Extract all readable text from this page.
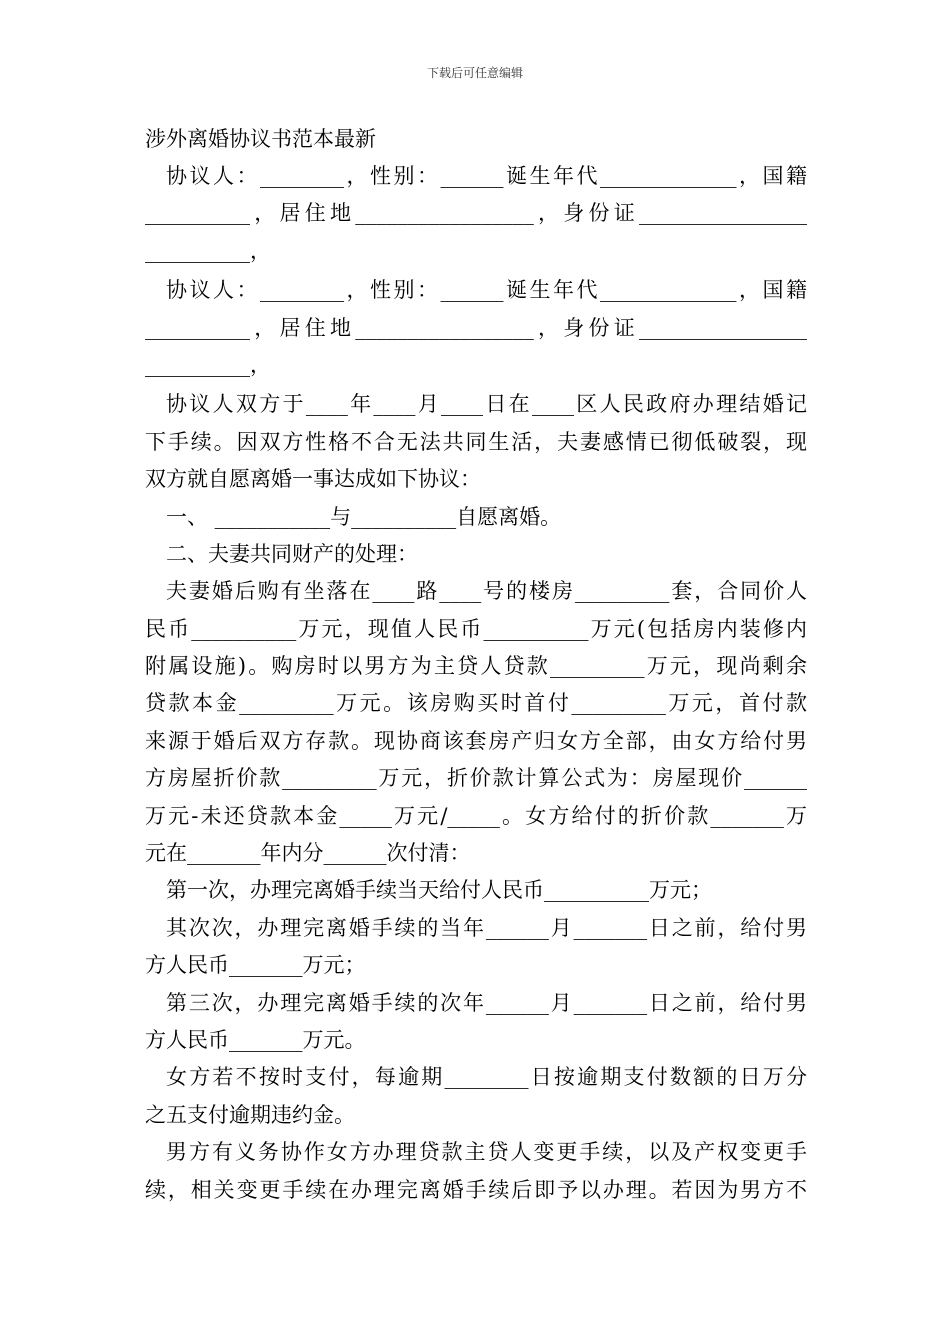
下载后可任意编辑
涉外离婚协议书范本最新
协议人：________，性别：______诞生年代_____________，国籍
__________，居住地_________________，身份证________________
__________，
协议人：________，性别：______诞生年代_____________，国籍
__________，居住地_________________，身份证________________
__________，
协议人双方于____年____月____日在____区人民政府办理结婚记
下手续。因双方性格不合无法共同生活，夫妻感情已彻低破裂，现
双方就自愿离婚一事达成如下协议：
一、 ___________与__________自愿离婚。
二、夫妻共同财产的处理：
夫妻婚后购有坐落在____路____号的楼房_________套，合同价人
民币__________万元，现值人民币__________万元(包括房内装修内
附属设施)。购房时以男方为主贷人贷款_________万元，现尚剩余
贷款本金_________万元。该房购买时首付_________万元，首付款
来源于婚后双方存款。现协商该套房产归女方全部，由女方给付男
方房屋折价款_________万元，折价款计算公式为：房屋现价______
万元-未还贷款本金_____万元/_____。女方给付的折价款_______万
元在_______年内分______次付清：
第一次，办理完离婚手续当天给付人民币__________万元；
其次次，办理完离婚手续的当年______月_______日之前，给付男
方人民币_______万元；
第三次，办理完离婚手续的次年______月_______日之前，给付男
方人民币_______万元。
女方若不按时支付，每逾期________日按逾期支付数额的日万分
之五支付逾期违约金。
男方有义务协作女方办理贷款主贷人变更手续，以及产权变更手
续，相关变更手续在办理完离婚手续后即予以办理。若因为男方不
